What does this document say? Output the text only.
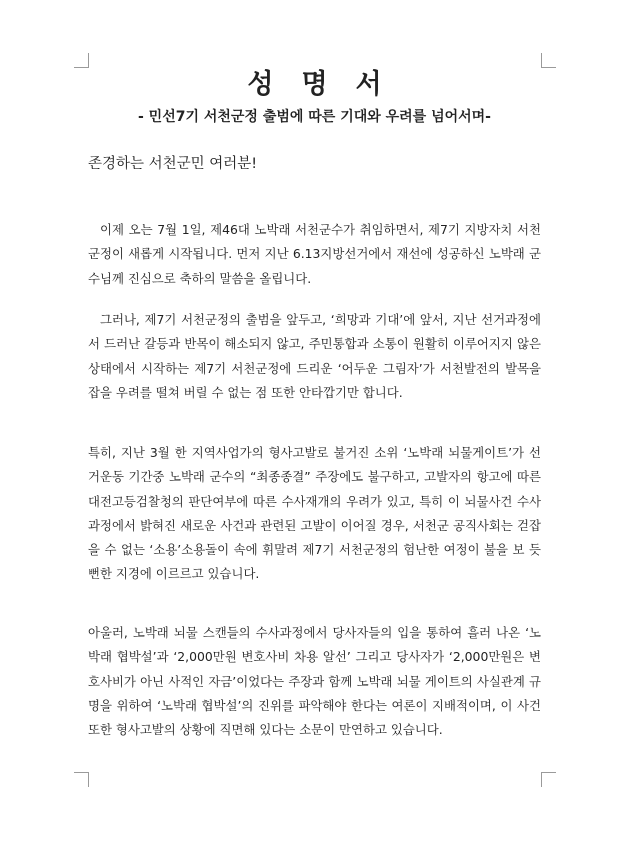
성명서

- 민선7기 서천군정 출범에 따른 기대와 우려를 넘어서며-

존경하는 서천군민 여러분!

이제 오는 7월 1일, 제46대 노박래 서천군수가 취임하면서, 제7기 지방자치 서천군정이 새롭게 시작됩니다. 먼저 지난 6.13지방선거에서 재선에 성공하신 노박래 군수님께 진심으로 축하의 말씀을 올립니다.

그러나, 제7기 서천군정의 출범을 앞두고, ‘희망과 기대’에 앞서, 지난 선거과정에서 드러난 갈등과 반목이 해소되지 않고, 주민통합과 소통이 원활히 이루어지지 않은 상태에서 시작하는 제7기 서천군정에 드리운 ‘어두운 그림자’가 서천발전의 발목을 잡을 우려를 떨쳐 버릴 수 없는 점 또한 안타깝기만 합니다.

특히, 지난 3월 한 지역사업가의 형사고발로 불거진 소위 ‘노박래 뇌물게이트’가 선거운동 기간중 노박래 군수의 “최종종결” 주장에도 불구하고, 고발자의 항고에 따른 대전고등검찰청의 판단여부에 따른 수사재개의 우려가 있고, 특히 이 뇌물사건 수사과정에서 밝혀진 새로운 사건과 관련된 고발이 이어질 경우, 서천군 공직사회는 걷잡을 수 없는 ‘소용’소용돌이 속에 휘말려 제7기 서천군정의 험난한 여정이 불을 보 듯 뻔한 지경에 이르르고 있습니다.

아울러, 노박래 뇌물 스캔들의 수사과정에서 당사자들의 입을 통하여 흘러 나온 ‘노박래 협박설’과 ‘2,000만원 변호사비 차용 알선’ 그리고 당사자가 ‘2,000만원은 변호사비가 아닌 사적인 자금’이었다는 주장과 함께 노박래 뇌물 게이트의 사실관계 규명을 위하여 ‘노박래 협박설’의 진위를 파악해야 한다는 여론이 지배적이며, 이 사건 또한 형사고발의 상황에 직면해 있다는 소문이 만연하고 있습니다.
